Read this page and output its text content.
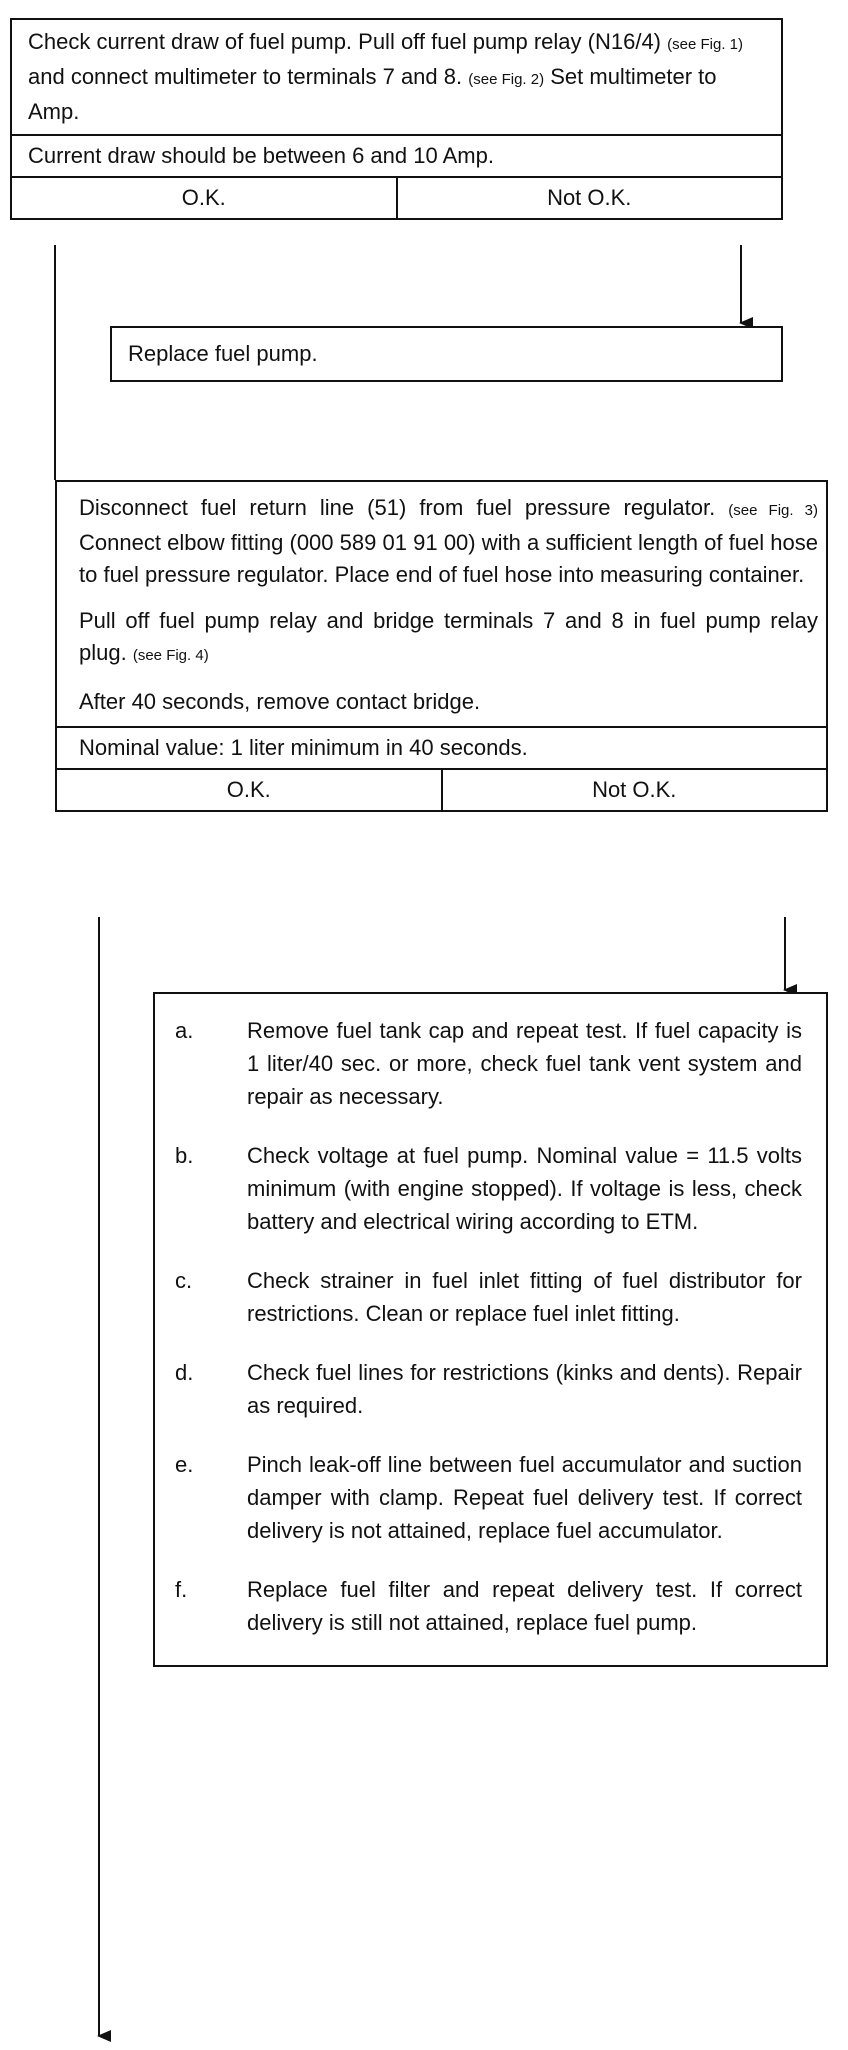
Check current draw of fuel pump. Pull off fuel pump relay (N16/4) (see Fig. 1) and connect multimeter to terminals 7 and 8. (see Fig. 2) Set multimeter to Amp.
Current draw should be between 6 and 10 Amp.
O.K.	Not O.K.
Replace fuel pump.
Disconnect fuel return line (51) from fuel pressure regulator. (see Fig. 3) Connect elbow fitting (000 589 01 91 00) with a sufficient length of fuel hose to fuel pressure regulator. Place end of fuel hose into measuring container.
Pull off fuel pump relay and bridge terminals 7 and 8 in fuel pump relay plug. (see Fig. 4)
After 40 seconds, remove contact bridge.
Nominal value: 1 liter minimum in 40 seconds.
O.K.	Not O.K.
a.	Remove fuel tank cap and repeat test. If fuel capacity is 1 liter/40 sec. or more, check fuel tank vent system and repair as necessary.
b.	Check voltage at fuel pump. Nominal value = 11.5 volts minimum (with engine stopped). If voltage is less, check battery and electrical wiring according to ETM.
c.	Check strainer in fuel inlet fitting of fuel distributor for restrictions. Clean or replace fuel inlet fitting.
d.	Check fuel lines for restrictions (kinks and dents). Repair as required.
e.	Pinch leak-off line between fuel accumulator and suction damper with clamp. Repeat fuel delivery test. If correct delivery is not attained, replace fuel accumulator.
f.	Replace fuel filter and repeat delivery test. If correct delivery is still not attained, replace fuel pump.
